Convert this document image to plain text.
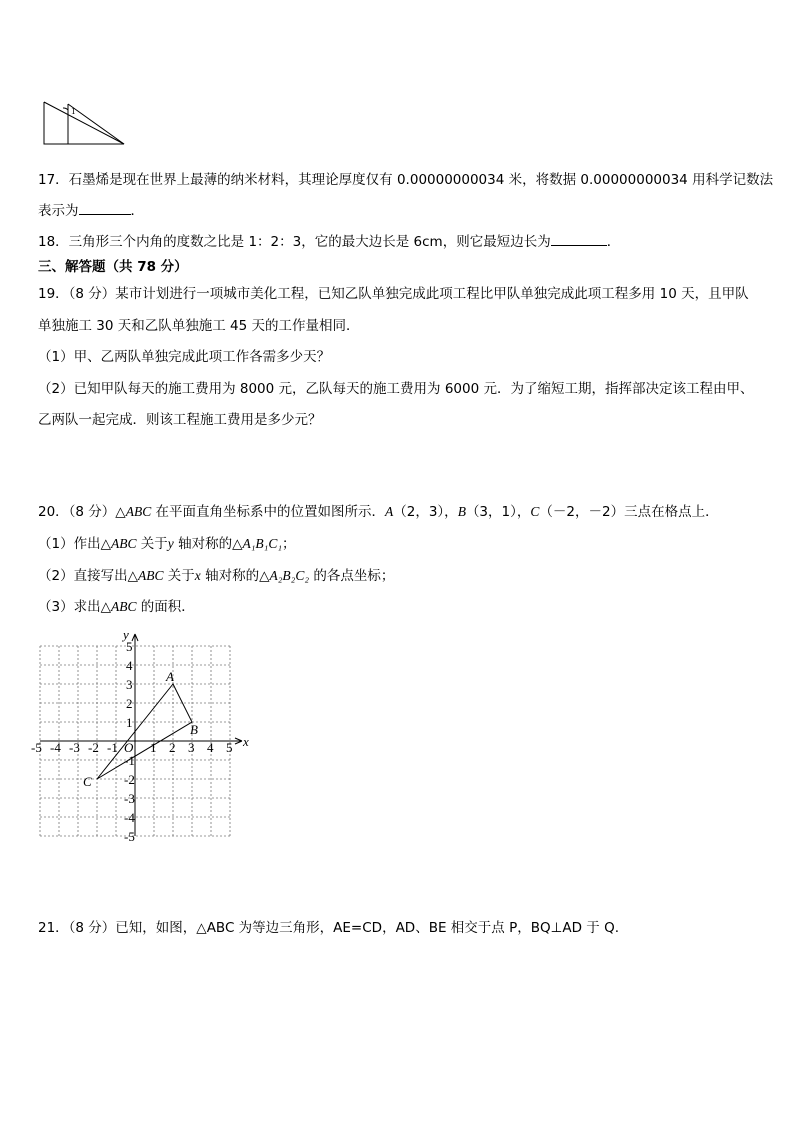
1
17．石墨烯是现在世界上最薄的纳米材料，其理论厚度仅有 0.00000000034 米，将数据 0.00000000034 用科学记数法
表示为	．
18．三角形三个内角的度数之比是 1：2：3，它的最大边长是 6cm，则它最短边长为	．
三、解答题（共 78 分）
19．（8 分）某市计划进行一项城市美化工程，已知乙队单独完成此项工程比甲队单独完成此项工程多用 10 天，且甲队
单独施工 30 天和乙队单独施工 45 天的工作量相同．
（1）甲、乙两队单独完成此项工作各需多少天？
（2）已知甲队每天的施工费用为 8000 元，乙队每天的施工费用为 6000 元．为了缩短工期，指挥部决定该工程由甲、
乙两队一起完成．则该工程施工费用是多少元？
20．（8 分）△ABC 在平面直角坐标系中的位置如图所示．A（2，3），B（3，1），C（－2，－2）三点在格点上．
（1）作出△ABC 关于y 轴对称的△A₁B₁C₁；
（2）直接写出△ABC 关于x 轴对称的△A₂B₂C₂ 的各点坐标；
（3）求出△ABC 的面积．
x
y
O
-5 -4 -3 -2 -1 1 2 3 4 5
5
4
3
2
1
-1
-2
-3
-4
-5
A
B
C
21．（8 分）已知，如图，△ABC 为等边三角形，AE=CD，AD、BE 相交于点 P，BQ⊥AD 于 Q.
